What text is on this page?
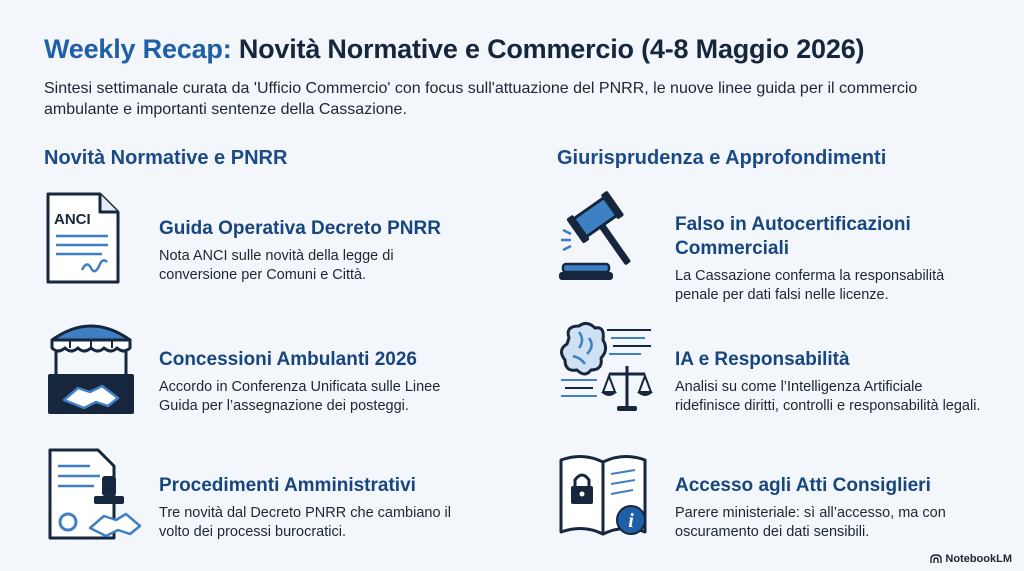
Weekly Recap: Novità Normative e Commercio (4-8 Maggio 2026)
Sintesi settimanale curata da 'Ufficio Commercio' con focus sull'attuazione del PNRR, le nuove linee guida per il commercio ambulante e importanti sentenze della Cassazione.
Novità Normative e PNRR	Giurisprudenza e Approfondimenti
ANCI	Guida Operativa Decreto PNRR
Nota ANCI sulle novità della legge di conversione per Comuni e Città.
Concessioni Ambulanti 2026
Accordo in Conferenza Unificata sulle Linee Guida per l’assegnazione dei posteggi.
Procedimenti Amministrativi
Tre novità dal Decreto PNRR che cambiano il volto dei processi burocratici.
Falso in Autocertificazioni Commerciali
La Cassazione conferma la responsabilità penale per dati falsi nelle licenze.
IA e Responsabilità
Analisi su come l’Intelligenza Artificiale ridefinisce diritti, controlli e responsabilità legali.
i
Accesso agli Atti Consiglieri
Parere ministeriale: sì all’accesso, ma con oscuramento dei dati sensibili.
NotebookLM
